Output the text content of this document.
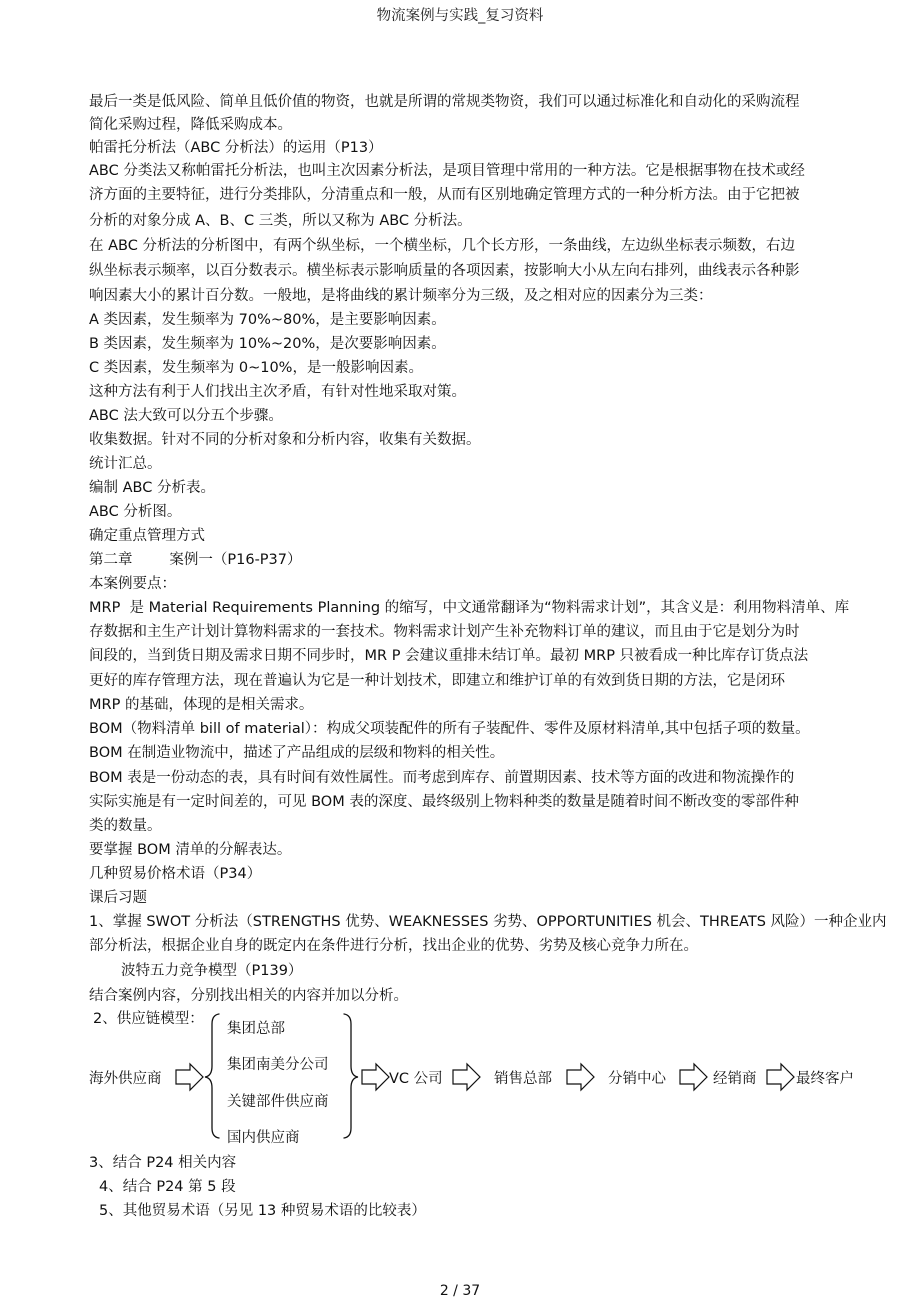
物流案例与实践_复习资料
最后一类是低风险、简单且低价值的物资，也就是所谓的常规类物资，我们可以通过标准化和自动化的采购流程
简化采购过程，降低采购成本。
帕雷托分析法（ABC 分析法）的运用（P13）
ABC 分类法又称帕雷托分析法，也叫主次因素分析法，是项目管理中常用的一种方法。它是根据事物在技术或经
济方面的主要特征，进行分类排队，分清重点和一般，从而有区别地确定管理方式的一种分析方法。由于它把被
分析的对象分成 A、B、C 三类，所以又称为 ABC 分析法。
在 ABC 分析法的分析图中，有两个纵坐标，一个横坐标，几个长方形，一条曲线，左边纵坐标表示频数，右边
纵坐标表示频率，以百分数表示。横坐标表示影响质量的各项因素，按影响大小从左向右排列，曲线表示各种影
响因素大小的累计百分数。一般地，是将曲线的累计频率分为三级，及之相对应的因素分为三类：
A 类因素，发生频率为 70%~80%，是主要影响因素。
B 类因素，发生频率为 10%~20%，是次要影响因素。
C 类因素，发生频率为 0~10%，是一般影响因素。
这种方法有利于人们找出主次矛盾，有针对性地采取对策。
ABC 法大致可以分五个步骤。
收集数据。针对不同的分析对象和分析内容，收集有关数据。
统计汇总。
编制 ABC 分析表。
ABC 分析图。
确定重点管理方式
第二章        案例一（P16-P37）
本案例要点：
MRP  是 Material Requirements Planning 的缩写，中文通常翻译为“物料需求计划”，其含义是：利用物料清单、库
存数据和主生产计划计算物料需求的一套技术。物料需求计划产生补充物料订单的建议，而且由于它是划分为时
间段的，当到货日期及需求日期不同步时，MR P 会建议重排未结订单。最初 MRP 只被看成一种比库存订货点法
更好的库存管理方法，现在普遍认为它是一种计划技术，即建立和维护订单的有效到货日期的方法，它是闭环
MRP 的基础，体现的是相关需求。
BOM（物料清单 bill of material）：构成父项装配件的所有子装配件、零件及原材料清单,其中包括子项的数量。
BOM 在制造业物流中，描述了产品组成的层级和物料的相关性。
BOM 表是一份动态的表，具有时间有效性属性。而考虑到库存、前置期因素、技术等方面的改进和物流操作的
实际实施是有一定时间差的，可见 BOM 表的深度、最终级别上物料种类的数量是随着时间不断改变的零部件种
类的数量。
要掌握 BOM 清单的分解表达。
几种贸易价格术语（P34）
课后习题
1、掌握 SWOT 分析法（STRENGTHS 优势、WEAKNESSES 劣势、OPPORTUNITIES 机会、THREATS 风险）一种企业内
部分析法，根据企业自身的既定内在条件进行分析，找出企业的优势、劣势及核心竞争力所在。
波特五力竞争模型（P139）
结合案例内容，分别找出相关的内容并加以分析。
2、供应链模型：
海外供应商
集团总部
集团南美分公司
关键部件供应商
国内供应商
VC 公司	销售总部	分销中心	经销商	最终客户
3、结合 P24 相关内容
4、结合 P24 第 5 段
5、其他贸易术语（另见 13 种贸易术语的比较表）
2 / 37
